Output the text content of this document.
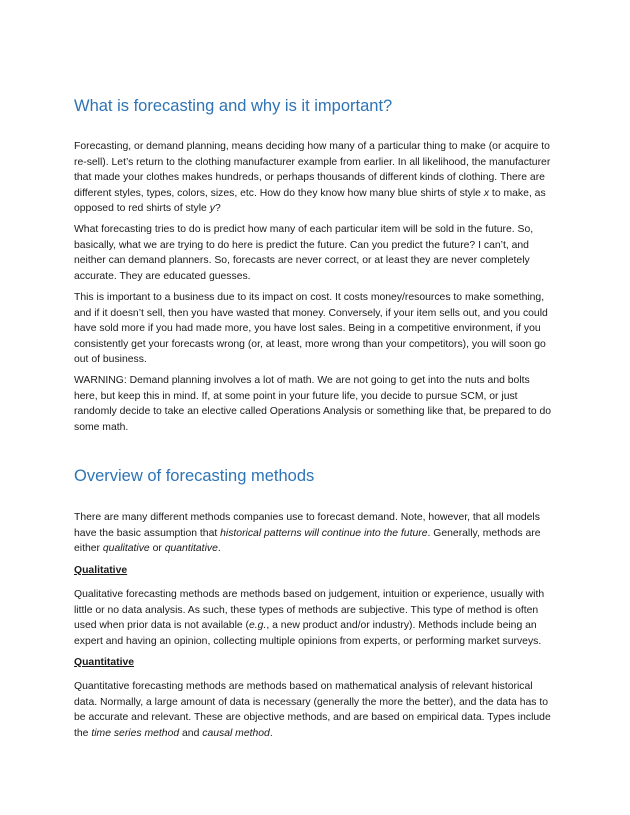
What is forecasting and why is it important?

Forecasting, or demand planning, means deciding how many of a particular thing to make (or acquire to re-sell). Let’s return to the clothing manufacturer example from earlier. In all likelihood, the manufacturer that made your clothes makes hundreds, or perhaps thousands of different kinds of clothing. There are different styles, types, colors, sizes, etc. How do they know how many blue shirts of style x to make, as opposed to red shirts of style y?

What forecasting tries to do is predict how many of each particular item will be sold in the future. So, basically, what we are trying to do here is predict the future. Can you predict the future? I can’t, and neither can demand planners. So, forecasts are never correct, or at least they are never completely accurate. They are educated guesses.

This is important to a business due to its impact on cost. It costs money/resources to make something, and if it doesn’t sell, then you have wasted that money. Conversely, if your item sells out, and you could have sold more if you had made more, you have lost sales. Being in a competitive environment, if you consistently get your forecasts wrong (or, at least, more wrong than your competitors), you will soon go out of business.

WARNING: Demand planning involves a lot of math. We are not going to get into the nuts and bolts here, but keep this in mind. If, at some point in your future life, you decide to pursue SCM, or just randomly decide to take an elective called Operations Analysis or something like that, be prepared to do some math.

Overview of forecasting methods

There are many different methods companies use to forecast demand. Note, however, that all models have the basic assumption that historical patterns will continue into the future. Generally, methods are either qualitative or quantitative.

Qualitative

Qualitative forecasting methods are methods based on judgement, intuition or experience, usually with little or no data analysis. As such, these types of methods are subjective. This type of method is often used when prior data is not available (e.g., a new product and/or industry). Methods include being an expert and having an opinion, collecting multiple opinions from experts, or performing market surveys.

Quantitative

Quantitative forecasting methods are methods based on mathematical analysis of relevant historical data. Normally, a large amount of data is necessary (generally the more the better), and the data has to be accurate and relevant. These are objective methods, and are based on empirical data. Types include the time series method and causal method.
